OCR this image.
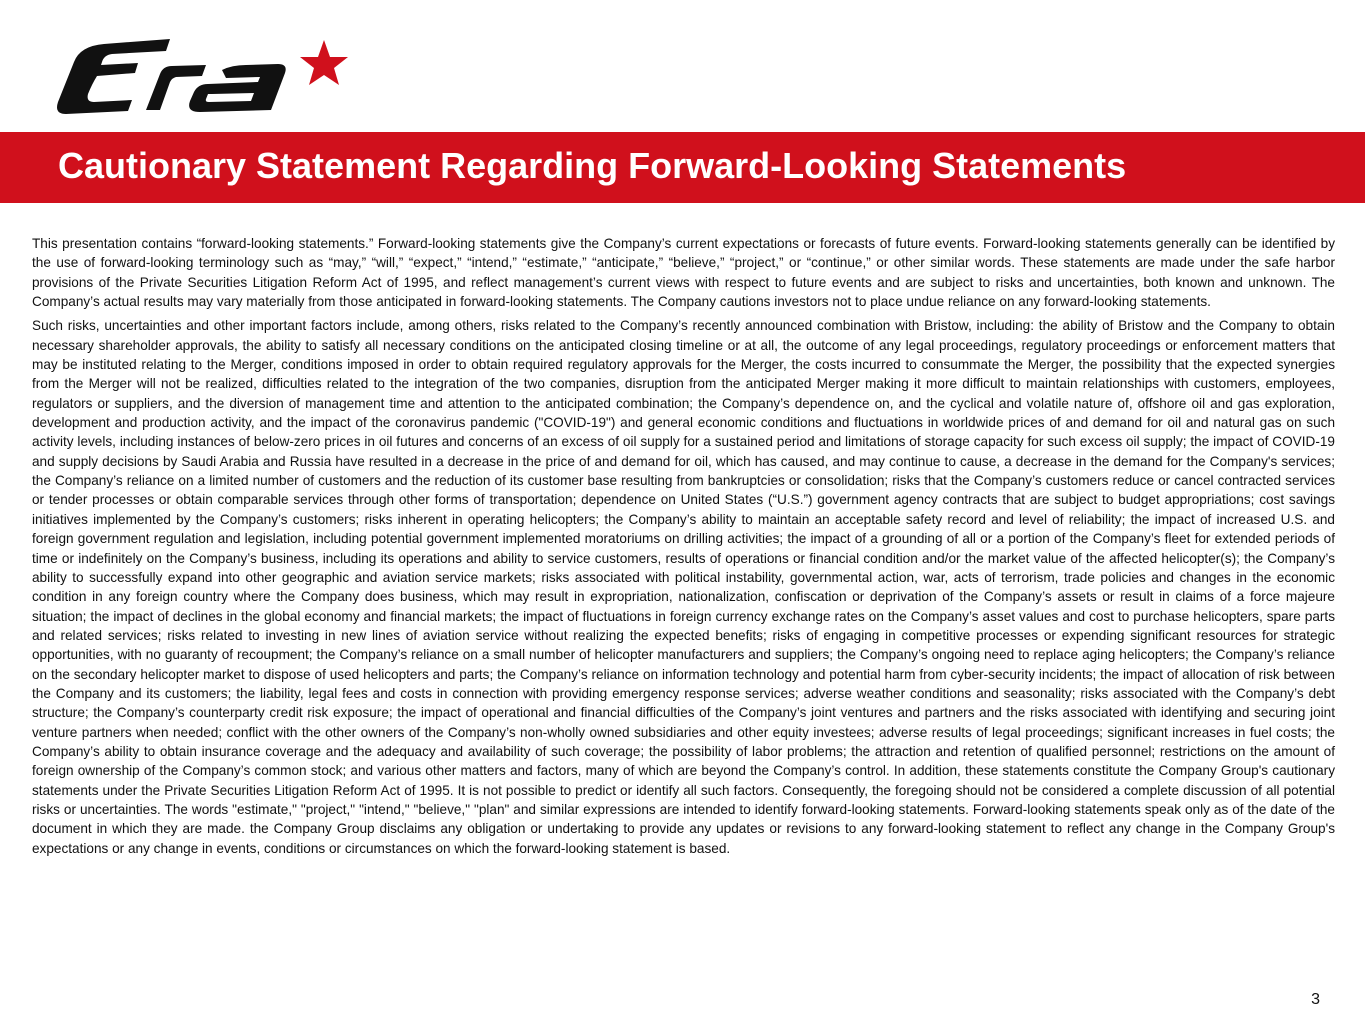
Cautionary Statement Regarding Forward-Looking Statements

This presentation contains “forward-looking statements.” Forward-looking statements give the Company’s current expectations or forecasts of future events. Forward-looking statements generally can be identified by the use of forward-looking terminology such as “may,” “will,” “expect,” “intend,” “estimate,” “anticipate,” “believe,” “project,” or “continue,” or other similar words. These statements are made under the safe harbor provisions of the Private Securities Litigation Reform Act of 1995, and reflect management’s current views with respect to future events and are subject to risks and uncertainties, both known and unknown. The Company’s actual results may vary materially from those anticipated in forward-looking statements. The Company cautions investors not to place undue reliance on any forward-looking statements.

Such risks, uncertainties and other important factors include, among others, risks related to the Company’s recently announced combination with Bristow, including: the ability of Bristow and the Company to obtain necessary shareholder approvals, the ability to satisfy all necessary conditions on the anticipated closing timeline or at all, the outcome of any legal proceedings, regulatory proceedings or enforcement matters that may be instituted relating to the Merger, conditions imposed in order to obtain required regulatory approvals for the Merger, the costs incurred to consummate the Merger, the possibility that the expected synergies from the Merger will not be realized, difficulties related to the integration of the two companies, disruption from the anticipated Merger making it more difficult to maintain relationships with customers, employees, regulators or suppliers, and the diversion of management time and attention to the anticipated combination; the Company’s dependence on, and the cyclical and volatile nature of, offshore oil and gas exploration, development and production activity, and the impact of the coronavirus pandemic ("COVID-19") and general economic conditions and fluctuations in worldwide prices of and demand for oil and natural gas on such activity levels, including instances of below-zero prices in oil futures and concerns of an excess of oil supply for a sustained period and limitations of storage capacity for such excess oil supply; the impact of COVID-19 and supply decisions by Saudi Arabia and Russia have resulted in a decrease in the price of and demand for oil, which has caused, and may continue to cause, a decrease in the demand for the Company's services; the Company’s reliance on a limited number of customers and the reduction of its customer base resulting from bankruptcies or consolidation; risks that the Company’s customers reduce or cancel contracted services or tender processes or obtain comparable services through other forms of transportation; dependence on United States (“U.S.”) government agency contracts that are subject to budget appropriations; cost savings initiatives implemented by the Company’s customers; risks inherent in operating helicopters; the Company’s ability to maintain an acceptable safety record and level of reliability; the impact of increased U.S. and foreign government regulation and legislation, including potential government implemented moratoriums on drilling activities; the impact of a grounding of all or a portion of the Company’s fleet for extended periods of time or indefinitely on the Company’s business, including its operations and ability to service customers, results of operations or financial condition and/or the market value of the affected helicopter(s); the Company’s ability to successfully expand into other geographic and aviation service markets; risks associated with political instability, governmental action, war, acts of terrorism, trade policies and changes in the economic condition in any foreign country where the Company does business, which may result in expropriation, nationalization, confiscation or deprivation of the Company’s assets or result in claims of a force majeure situation; the impact of declines in the global economy and financial markets; the impact of fluctuations in foreign currency exchange rates on the Company’s asset values and cost to purchase helicopters, spare parts and related services; risks related to investing in new lines of aviation service without realizing the expected benefits; risks of engaging in competitive processes or expending significant resources for strategic opportunities, with no guaranty of recoupment; the Company’s reliance on a small number of helicopter manufacturers and suppliers; the Company’s ongoing need to replace aging helicopters; the Company’s reliance on the secondary helicopter market to dispose of used helicopters and parts; the Company’s reliance on information technology and potential harm from cyber-security incidents; the impact of allocation of risk between the Company and its customers; the liability, legal fees and costs in connection with providing emergency response services; adverse weather conditions and seasonality; risks associated with the Company’s debt structure; the Company’s counterparty credit risk exposure; the impact of operational and financial difficulties of the Company’s joint ventures and partners and the risks associated with identifying and securing joint venture partners when needed; conflict with the other owners of the Company’s non-wholly owned subsidiaries and other equity investees; adverse results of legal proceedings; significant increases in fuel costs; the Company’s ability to obtain insurance coverage and the adequacy and availability of such coverage; the possibility of labor problems; the attraction and retention of qualified personnel; restrictions on the amount of foreign ownership of the Company’s common stock; and various other matters and factors, many of which are beyond the Company’s control. In addition, these statements constitute the Company Group's cautionary statements under the Private Securities Litigation Reform Act of 1995. It is not possible to predict or identify all such factors. Consequently, the foregoing should not be considered a complete discussion of all potential risks or uncertainties. The words "estimate," "project," "intend," "believe," "plan" and similar expressions are intended to identify forward-looking statements. Forward-looking statements speak only as of the date of the document in which they are made. the Company Group disclaims any obligation or undertaking to provide any updates or revisions to any forward-looking statement to reflect any change in the Company Group's expectations or any change in events, conditions or circumstances on which the forward-looking statement is based.

3
